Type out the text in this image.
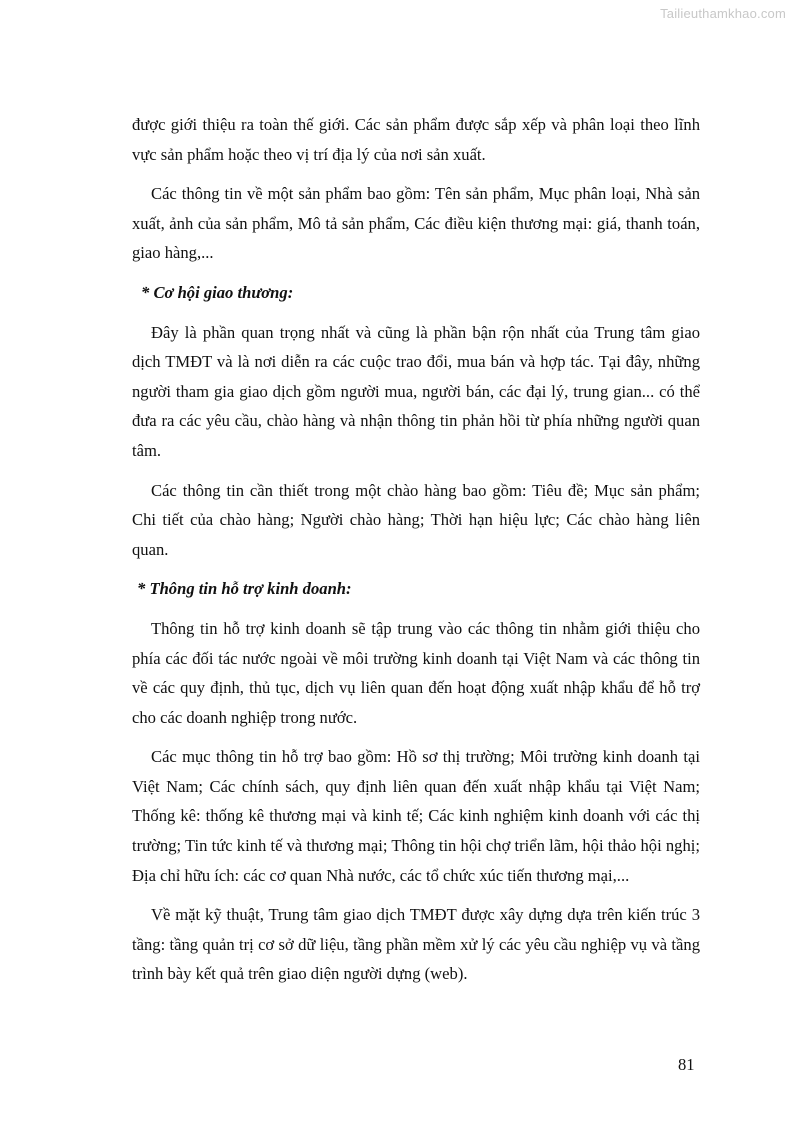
Tailieuthamkhao.com

được giới thiệu ra toàn thế giới. Các sản phẩm được sắp xếp và phân loại theo lĩnh vực sản phẩm hoặc theo vị trí địa lý của nơi sản xuất.

Các thông tin về một sản phẩm bao gồm: Tên sản phẩm, Mục phân loại, Nhà sản xuất, ảnh của sản phẩm, Mô tả sản phẩm, Các điều kiện thương mại: giá, thanh toán, giao hàng,...

* Cơ hội giao thương:

Đây là phần quan trọng nhất và cũng là phần bận rộn nhất của Trung tâm giao dịch TMĐT và là nơi diễn ra các cuộc trao đổi, mua bán và hợp tác. Tại đây, những người tham gia giao dịch gồm người mua, người bán, các đại lý, trung gian... có thể đưa ra các yêu cầu, chào hàng và nhận thông tin phản hồi từ phía những người quan tâm.

Các thông tin cần thiết trong một chào hàng bao gồm: Tiêu đề; Mục sản phẩm; Chi tiết của chào hàng; Người chào hàng; Thời hạn hiệu lực; Các chào hàng liên quan.

* Thông tin hỗ trợ kinh doanh:

Thông tin hỗ trợ kinh doanh sẽ tập trung vào các thông tin nhằm giới thiệu cho phía các đối tác nước ngoài về môi trường kinh doanh tại Việt Nam và các thông tin về các quy định, thủ tục, dịch vụ liên quan đến hoạt động xuất nhập khẩu để hỗ trợ cho các doanh nghiệp trong nước.

Các mục thông tin hỗ trợ bao gồm: Hồ sơ thị trường; Môi trường kinh doanh tại Việt Nam; Các chính sách, quy định liên quan đến xuất nhập khẩu tại Việt Nam; Thống kê: thống kê thương mại và kinh tế; Các kinh nghiệm kinh doanh với các thị trường; Tin tức kinh tế và thương mại; Thông tin hội chợ triển lãm, hội thảo hội nghị; Địa chỉ hữu ích: các cơ quan Nhà nước, các tổ chức xúc tiến thương mại,...

Về mặt kỹ thuật, Trung tâm giao dịch TMĐT được xây dựng dựa trên kiến trúc 3 tầng: tầng quản trị cơ sở dữ liệu, tầng phần mềm xử lý các yêu cầu nghiệp vụ và tầng trình bày kết quả trên giao diện người dựng (web).

81
